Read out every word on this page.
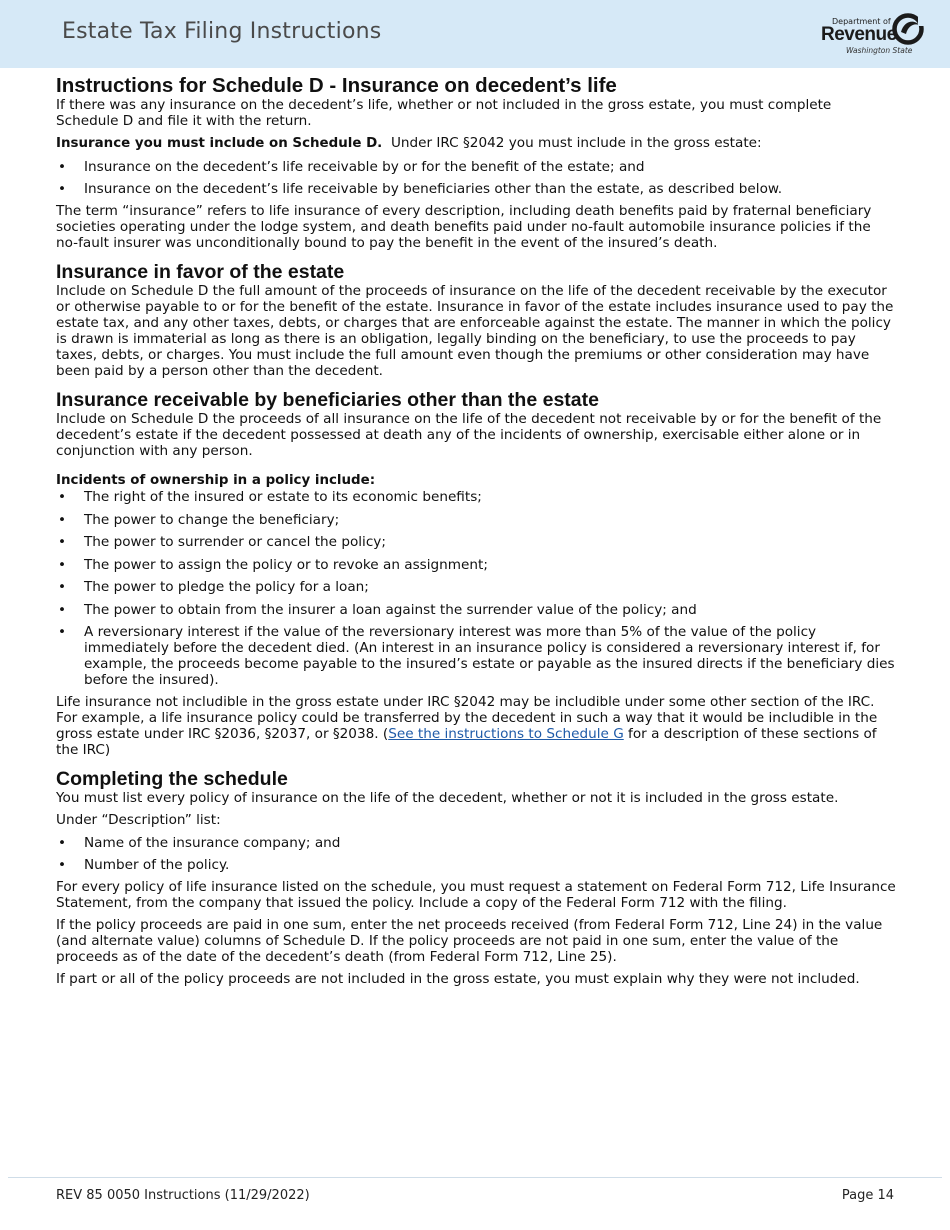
Estate Tax Filing Instructions	Department of
Revenue
Washington State
Instructions for Schedule D - Insurance on decedent’s life

If there was any insurance on the decedent’s life, whether or not included in the gross estate, you must complete Schedule D and file it with the return.

Insurance you must include on Schedule D. Under IRC §2042 you must include in the gross estate:

• Insurance on the decedent’s life receivable by or for the benefit of the estate; and
• Insurance on the decedent’s life receivable by beneficiaries other than the estate, as described below.

The term “insurance” refers to life insurance of every description, including death benefits paid by fraternal beneficiary societies operating under the lodge system, and death benefits paid under no-fault automobile insurance policies if the no-fault insurer was unconditionally bound to pay the benefit in the event of the insured’s death.

Insurance in favor of the estate

Include on Schedule D the full amount of the proceeds of insurance on the life of the decedent receivable by the executor or otherwise payable to or for the benefit of the estate. Insurance in favor of the estate includes insurance used to pay the estate tax, and any other taxes, debts, or charges that are enforceable against the estate. The manner in which the policy is drawn is immaterial as long as there is an obligation, legally binding on the beneficiary, to use the proceeds to pay taxes, debts, or charges. You must include the full amount even though the premiums or other consideration may have been paid by a person other than the decedent.

Insurance receivable by beneficiaries other than the estate

Include on Schedule D the proceeds of all insurance on the life of the decedent not receivable by or for the benefit of the decedent’s estate if the decedent possessed at death any of the incidents of ownership, exercisable either alone or in conjunction with any person.

Incidents of ownership in a policy include:

• The right of the insured or estate to its economic benefits;
• The power to change the beneficiary;
• The power to surrender or cancel the policy;
• The power to assign the policy or to revoke an assignment;
• The power to pledge the policy for a loan;
• The power to obtain from the insurer a loan against the surrender value of the policy; and
• A reversionary interest if the value of the reversionary interest was more than 5% of the value of the policy immediately before the decedent died. (An interest in an insurance policy is considered a reversionary interest if, for example, the proceeds become payable to the insured’s estate or payable as the insured directs if the beneficiary dies before the insured).

Life insurance not includible in the gross estate under IRC §2042 may be includible under some other section of the IRC. For example, a life insurance policy could be transferred by the decedent in such a way that it would be includible in the gross estate under IRC §2036, §2037, or §2038. (See the instructions to Schedule G for a description of these sections of the IRC)

Completing the schedule

You must list every policy of insurance on the life of the decedent, whether or not it is included in the gross estate.

Under “Description” list:

• Name of the insurance company; and
• Number of the policy.

For every policy of life insurance listed on the schedule, you must request a statement on Federal Form 712, Life Insurance Statement, from the company that issued the policy. Include a copy of the Federal Form 712 with the filing.

If the policy proceeds are paid in one sum, enter the net proceeds received (from Federal Form 712, Line 24) in the value (and alternate value) columns of Schedule D. If the policy proceeds are not paid in one sum, enter the value of the proceeds as of the date of the decedent’s death (from Federal Form 712, Line 25).

If part or all of the policy proceeds are not included in the gross estate, you must explain why they were not included.

REV 85 0050 Instructions (11/29/2022)	Page 14
